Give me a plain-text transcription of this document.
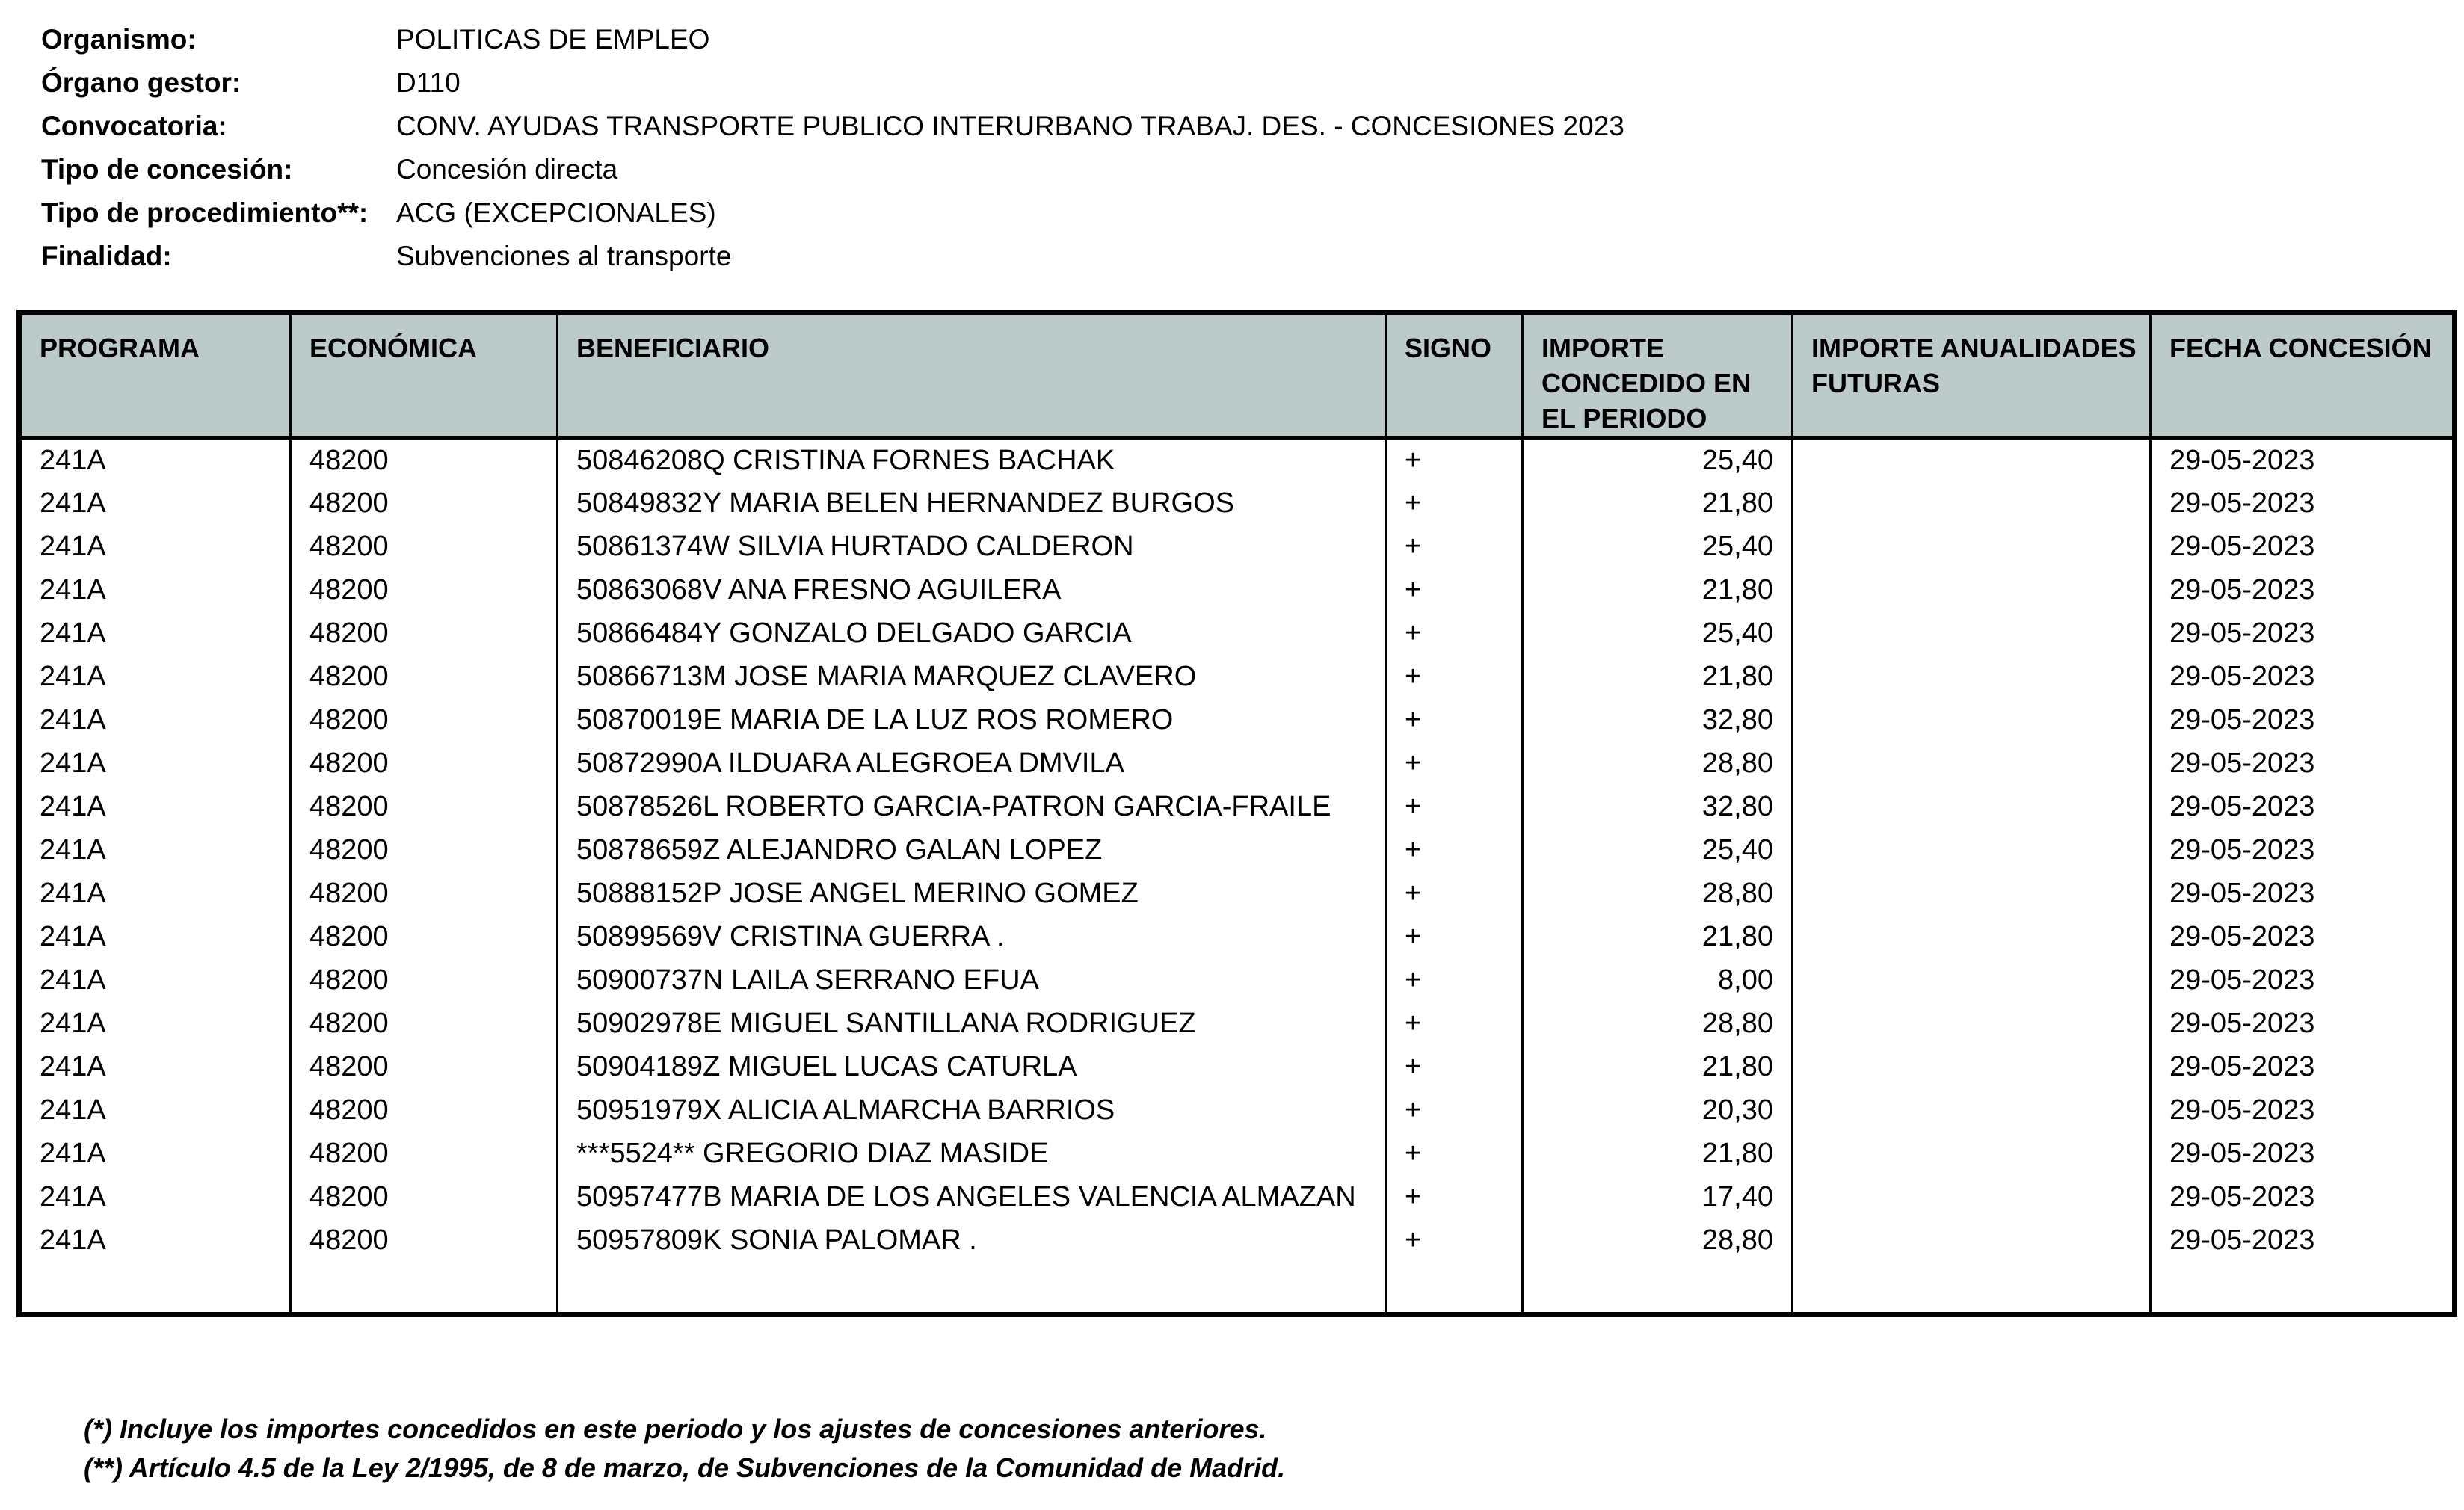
Organismo:	POLITICAS DE EMPLEO
Órgano gestor:	D110
Convocatoria:	CONV. AYUDAS TRANSPORTE PUBLICO INTERURBANO TRABAJ. DES. - CONCESIONES 2023
Tipo de concesión:	Concesión directa
Tipo de procedimiento**:	ACG (EXCEPCIONALES)
Finalidad:	Subvenciones al transporte
PROGRAMA	ECONÓMICA	BENEFICIARIO	SIGNO	IMPORTE CONCEDIDO EN EL PERIODO	IMPORTE ANUALIDADES FUTURAS	FECHA CONCESIÓN
241A	48200	50846208Q CRISTINA FORNES BACHAK	+	25,40		29-05-2023
241A	48200	50849832Y MARIA BELEN HERNANDEZ BURGOS	+	21,80		29-05-2023
241A	48200	50861374W SILVIA HURTADO CALDERON	+	25,40		29-05-2023
241A	48200	50863068V ANA FRESNO AGUILERA	+	21,80		29-05-2023
241A	48200	50866484Y GONZALO DELGADO GARCIA	+	25,40		29-05-2023
241A	48200	50866713M JOSE MARIA MARQUEZ CLAVERO	+	21,80		29-05-2023
241A	48200	50870019E MARIA DE LA LUZ ROS ROMERO	+	32,80		29-05-2023
241A	48200	50872990A ILDUARA ALEGROEA DMVILA	+	28,80		29-05-2023
241A	48200	50878526L ROBERTO GARCIA-PATRON GARCIA-FRAILE	+	32,80		29-05-2023
241A	48200	50878659Z ALEJANDRO GALAN LOPEZ	+	25,40		29-05-2023
241A	48200	50888152P JOSE ANGEL MERINO GOMEZ	+	28,80		29-05-2023
241A	48200	50899569V CRISTINA GUERRA .	+	21,80		29-05-2023
241A	48200	50900737N LAILA SERRANO EFUA	+	8,00		29-05-2023
241A	48200	50902978E MIGUEL SANTILLANA RODRIGUEZ	+	28,80		29-05-2023
241A	48200	50904189Z MIGUEL LUCAS CATURLA	+	21,80		29-05-2023
241A	48200	50951979X ALICIA ALMARCHA BARRIOS	+	20,30		29-05-2023
241A	48200	***5524** GREGORIO DIAZ MASIDE	+	21,80		29-05-2023
241A	48200	50957477B MARIA DE LOS ANGELES VALENCIA ALMAZAN	+	17,40		29-05-2023
241A	48200	50957809K SONIA PALOMAR .	+	28,80		29-05-2023

(*) Incluye los importes concedidos en este periodo y los ajustes de concesiones anteriores.
(**) Artículo 4.5 de la Ley 2/1995, de 8 de marzo, de Subvenciones de la Comunidad de Madrid.
